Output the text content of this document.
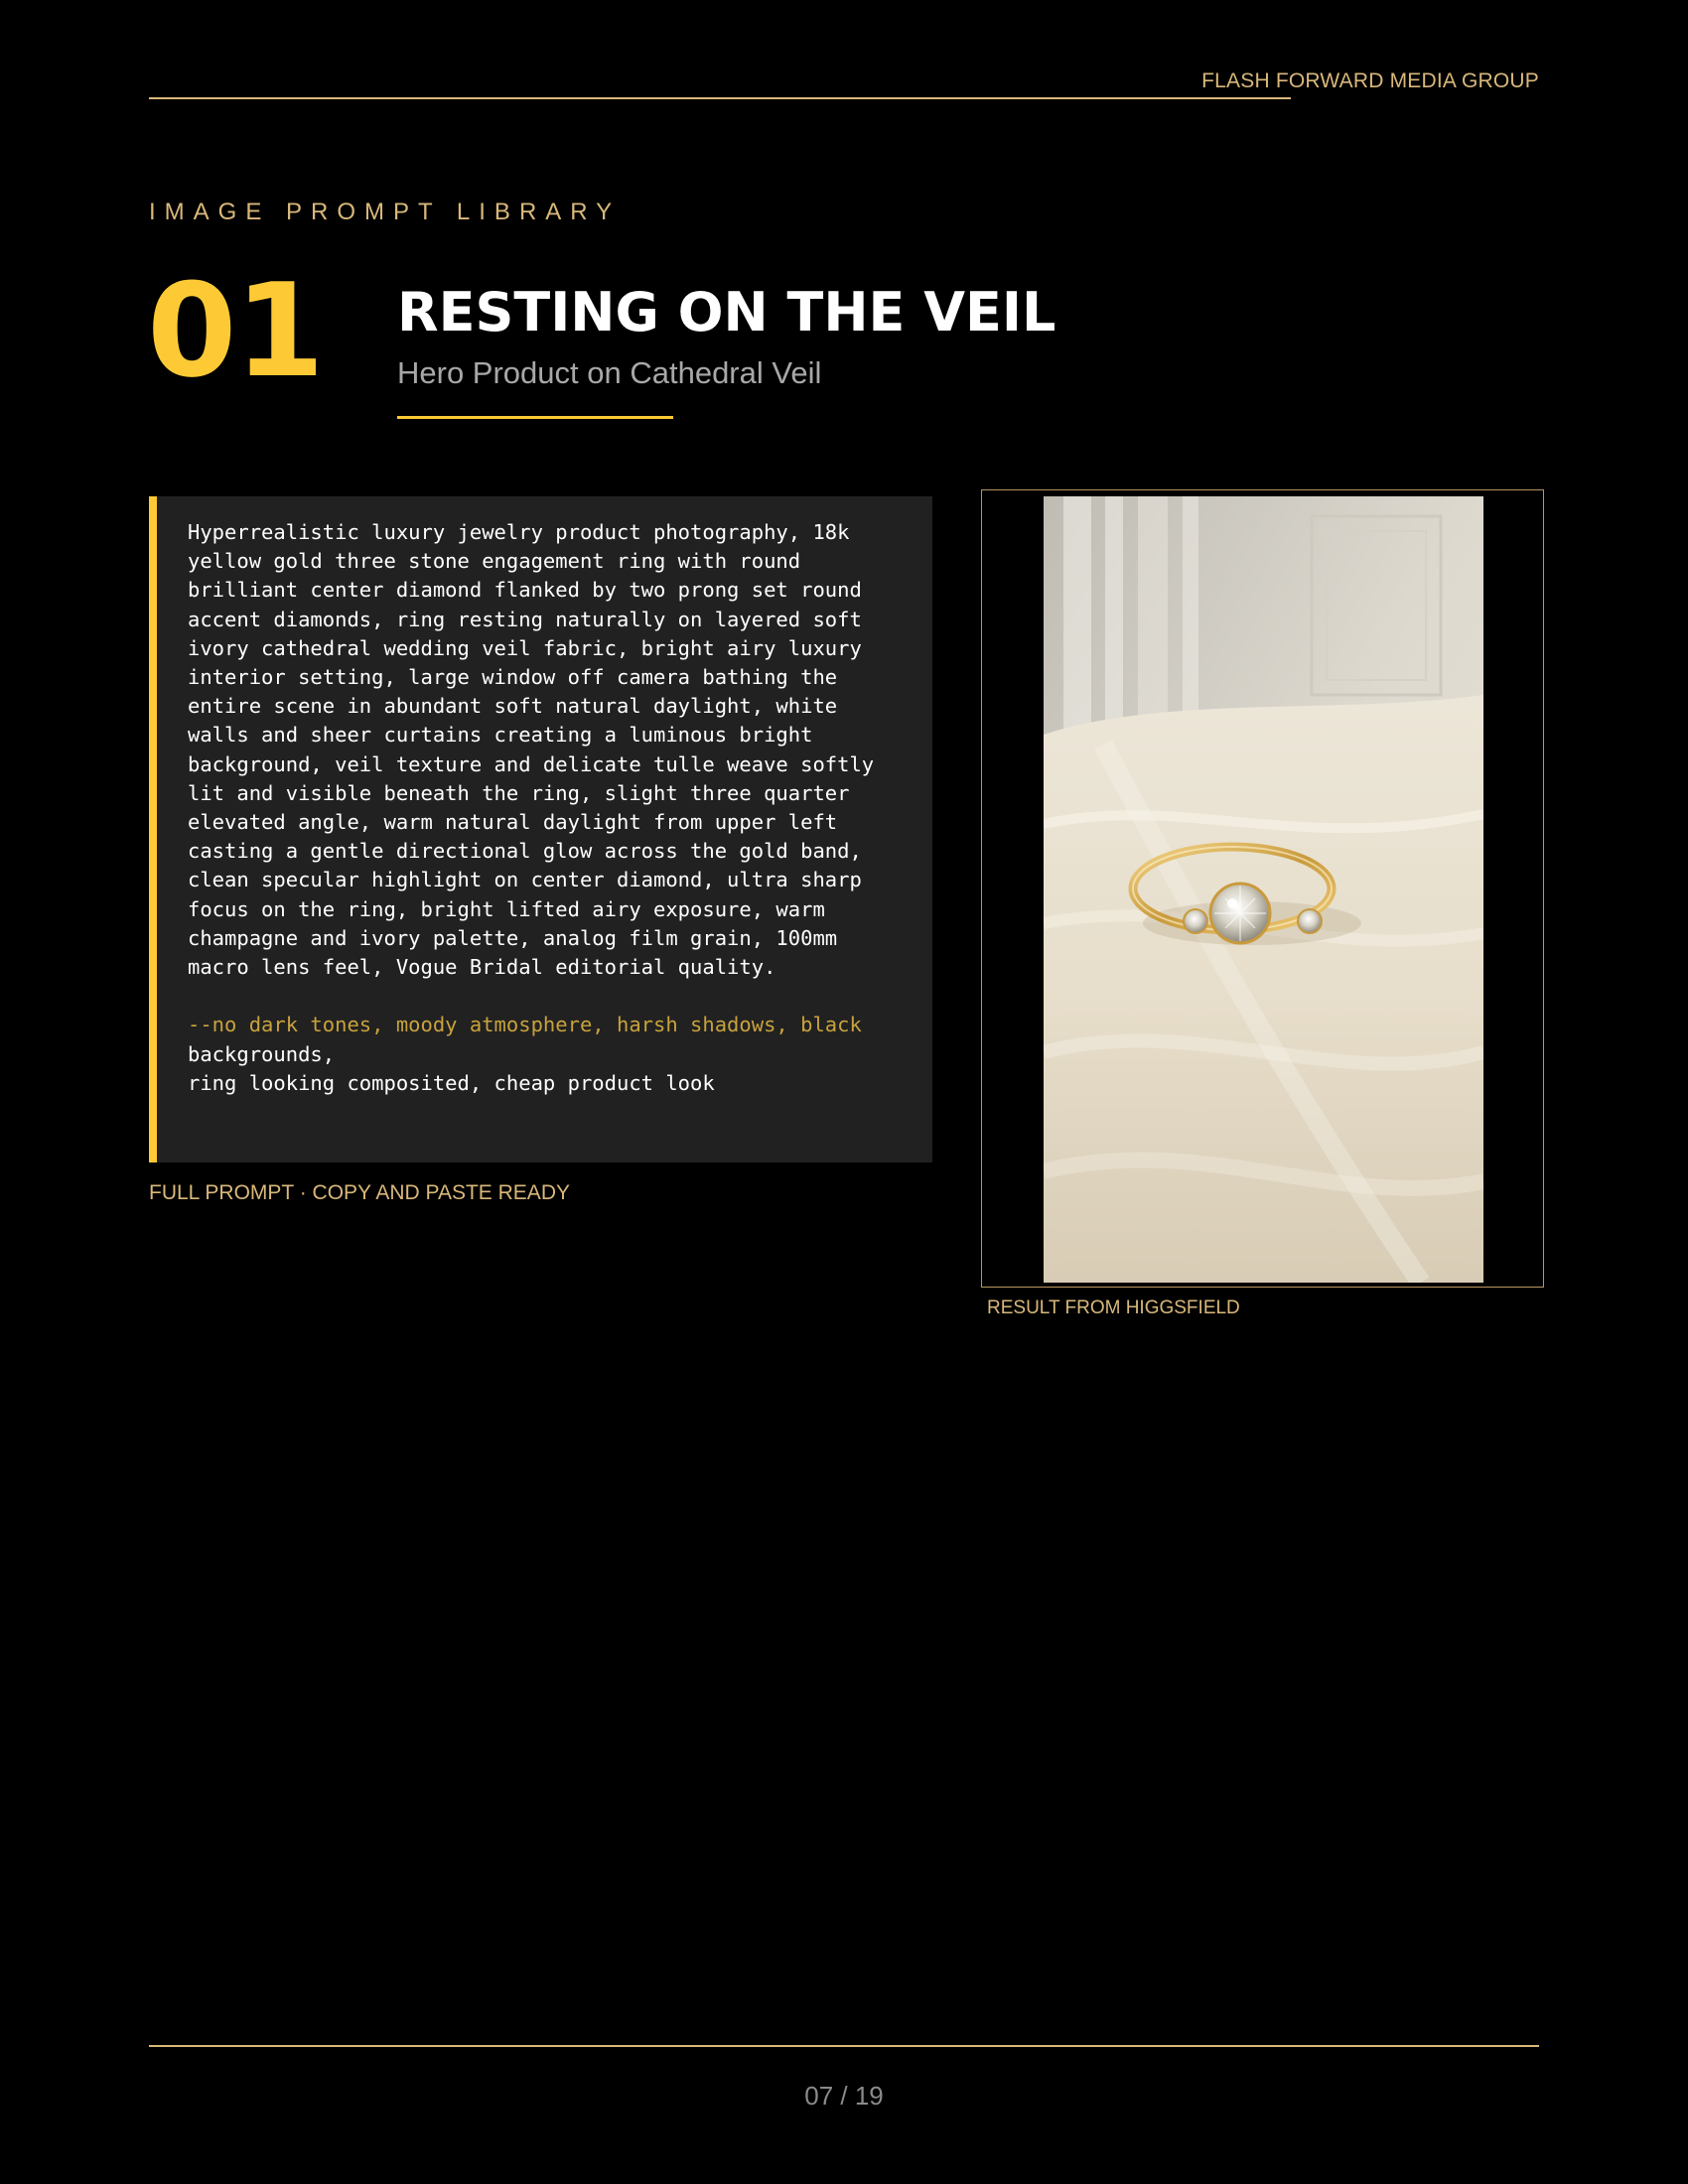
FLASH FORWARD MEDIA GROUP
IMAGE PROMPT LIBRARY
01 RESTING ON THE VEIL
Hero Product on Cathedral Veil
Hyperrealistic luxury jewelry product photography, 18k
yellow gold three stone engagement ring with round
brilliant center diamond flanked by two prong set round
accent diamonds, ring resting naturally on layered soft
ivory cathedral wedding veil fabric, bright airy luxury
interior setting, large window off camera bathing the
entire scene in abundant soft natural daylight, white
walls and sheer curtains creating a luminous bright
background, veil texture and delicate tulle weave softly
lit and visible beneath the ring, slight three quarter
elevated angle, warm natural daylight from upper left
casting a gentle directional glow across the gold band,
clean specular highlight on center diamond, ultra sharp
focus on the ring, bright lifted airy exposure, warm
champagne and ivory palette, analog film grain, 100mm
macro lens feel, Vogue Bridal editorial quality.

--no dark tones, moody atmosphere, harsh shadows, black
backgrounds,
ring looking composited, cheap product look
FULL PROMPT · COPY AND PASTE READY
RESULT FROM HIGGSFIELD
07 / 19
